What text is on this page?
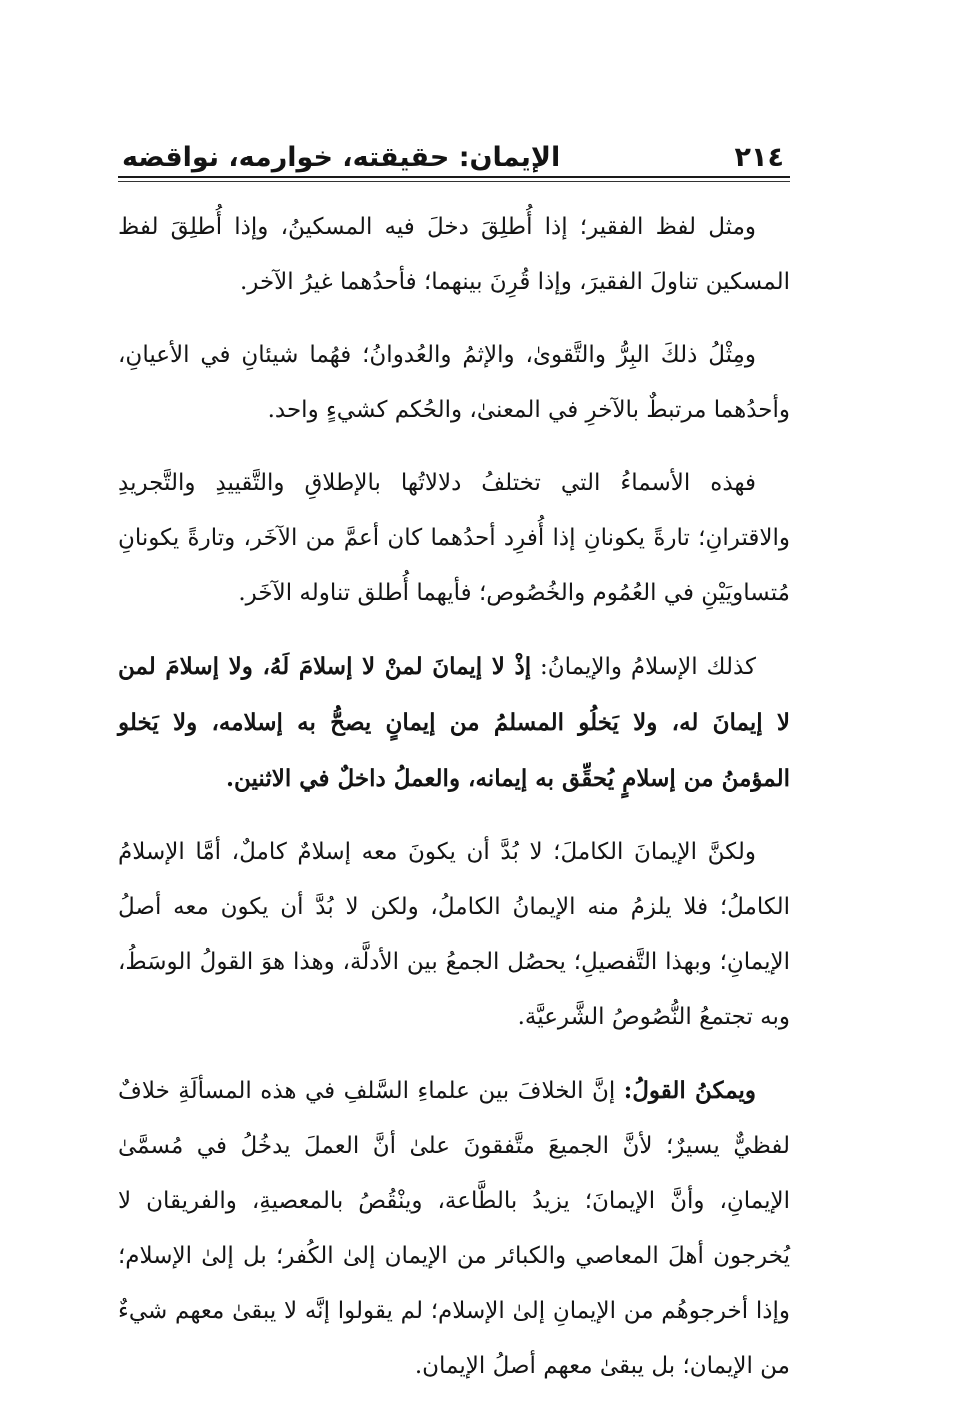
٢١٤
الإيمان: حقيقته، خوارمه، نواقضه

ومثل لفظ الفقير؛ إذا أُطلِقَ دخلَ فيه المسكينُ، وإذا أُطلِقَ لفظ المسكين تناولَ الفقيرَ، وإذا قُرِنَ بينهما؛ فأحدُهما غيرُ الآخر.

ومِثْلُ ذلكَ البِرُّ والتَّقوىٰ، والإثمُ والعُدوانُ؛ فهُما شيئانِ في الأعيانِ، وأحدُهما مرتبطٌ بالآخرِ في المعنىٰ، والحُكم كشيءٍ واحد.

فهذه الأسماءُ التي تختلفُ دلالاتُها بالإطلاقِ والتَّقييدِ والتَّجريدِ والاقترانِ؛ تارةً يكونانِ إذا أُفرِد أحدُهما كان أعمَّ من الآخَر، وتارةً يكونانِ مُتساويَيْنِ في العُمُوم والخُصُوص؛ فأيهما أُطلق تناوله الآخَر.

كذلك الإسلامُ والإيمانُ: إذْ لا إيمانَ لمنْ لا إسلامَ لَهُ، ولا إسلامَ لمن لا إيمانَ له، ولا يَخلُو المسلمُ من إيمانٍ يصحُّ به إسلامه، ولا يَخلو المؤمنُ من إسلامٍ يُحقِّق به إيمانه، والعملُ داخلٌ في الاثنين.

ولكنَّ الإيمانَ الكاملَ؛ لا بُدَّ أن يكونَ معه إسلامٌ كاملٌ، أمَّا الإسلامُ الكاملُ؛ فلا يلزمُ منه الإيمانُ الكاملُ، ولكن لا بُدَّ أن يكون معه أصلُ الإيمانِ؛ وبهذا التَّفصيلِ؛ يحصُل الجمعُ بين الأدلَّة، وهذا هوَ القولُ الوسَطُ، وبه تجتمعُ النُّصُوصُ الشَّرعيَّة.

ويمكنُ القولُ: إنَّ الخلافَ بين علماءِ السَّلفِ في هذه المسألَةِ خلافٌ لفظيٌّ يسيرٌ؛ لأنَّ الجميعَ متَّفقونَ علىٰ أنَّ العملَ يدخُلُ في مُسمَّىٰ الإيمانِ، وأنَّ الإيمانَ؛ يزيدُ بالطَّاعة، وينْقُصُ بالمعصيةِ، والفريقان لا يُخرجون أهلَ المعاصي والكبائر من الإيمان إلىٰ الكُفر؛ بل إلىٰ الإسلام؛ وإذا أخرجوهُم من الإيمانِ إلىٰ الإسلام؛ لم يقولوا إنَّه لا يبقىٰ معهم شيءٌ من الإيمان؛ بل يبقىٰ معهم أصلُ الإيمان.
